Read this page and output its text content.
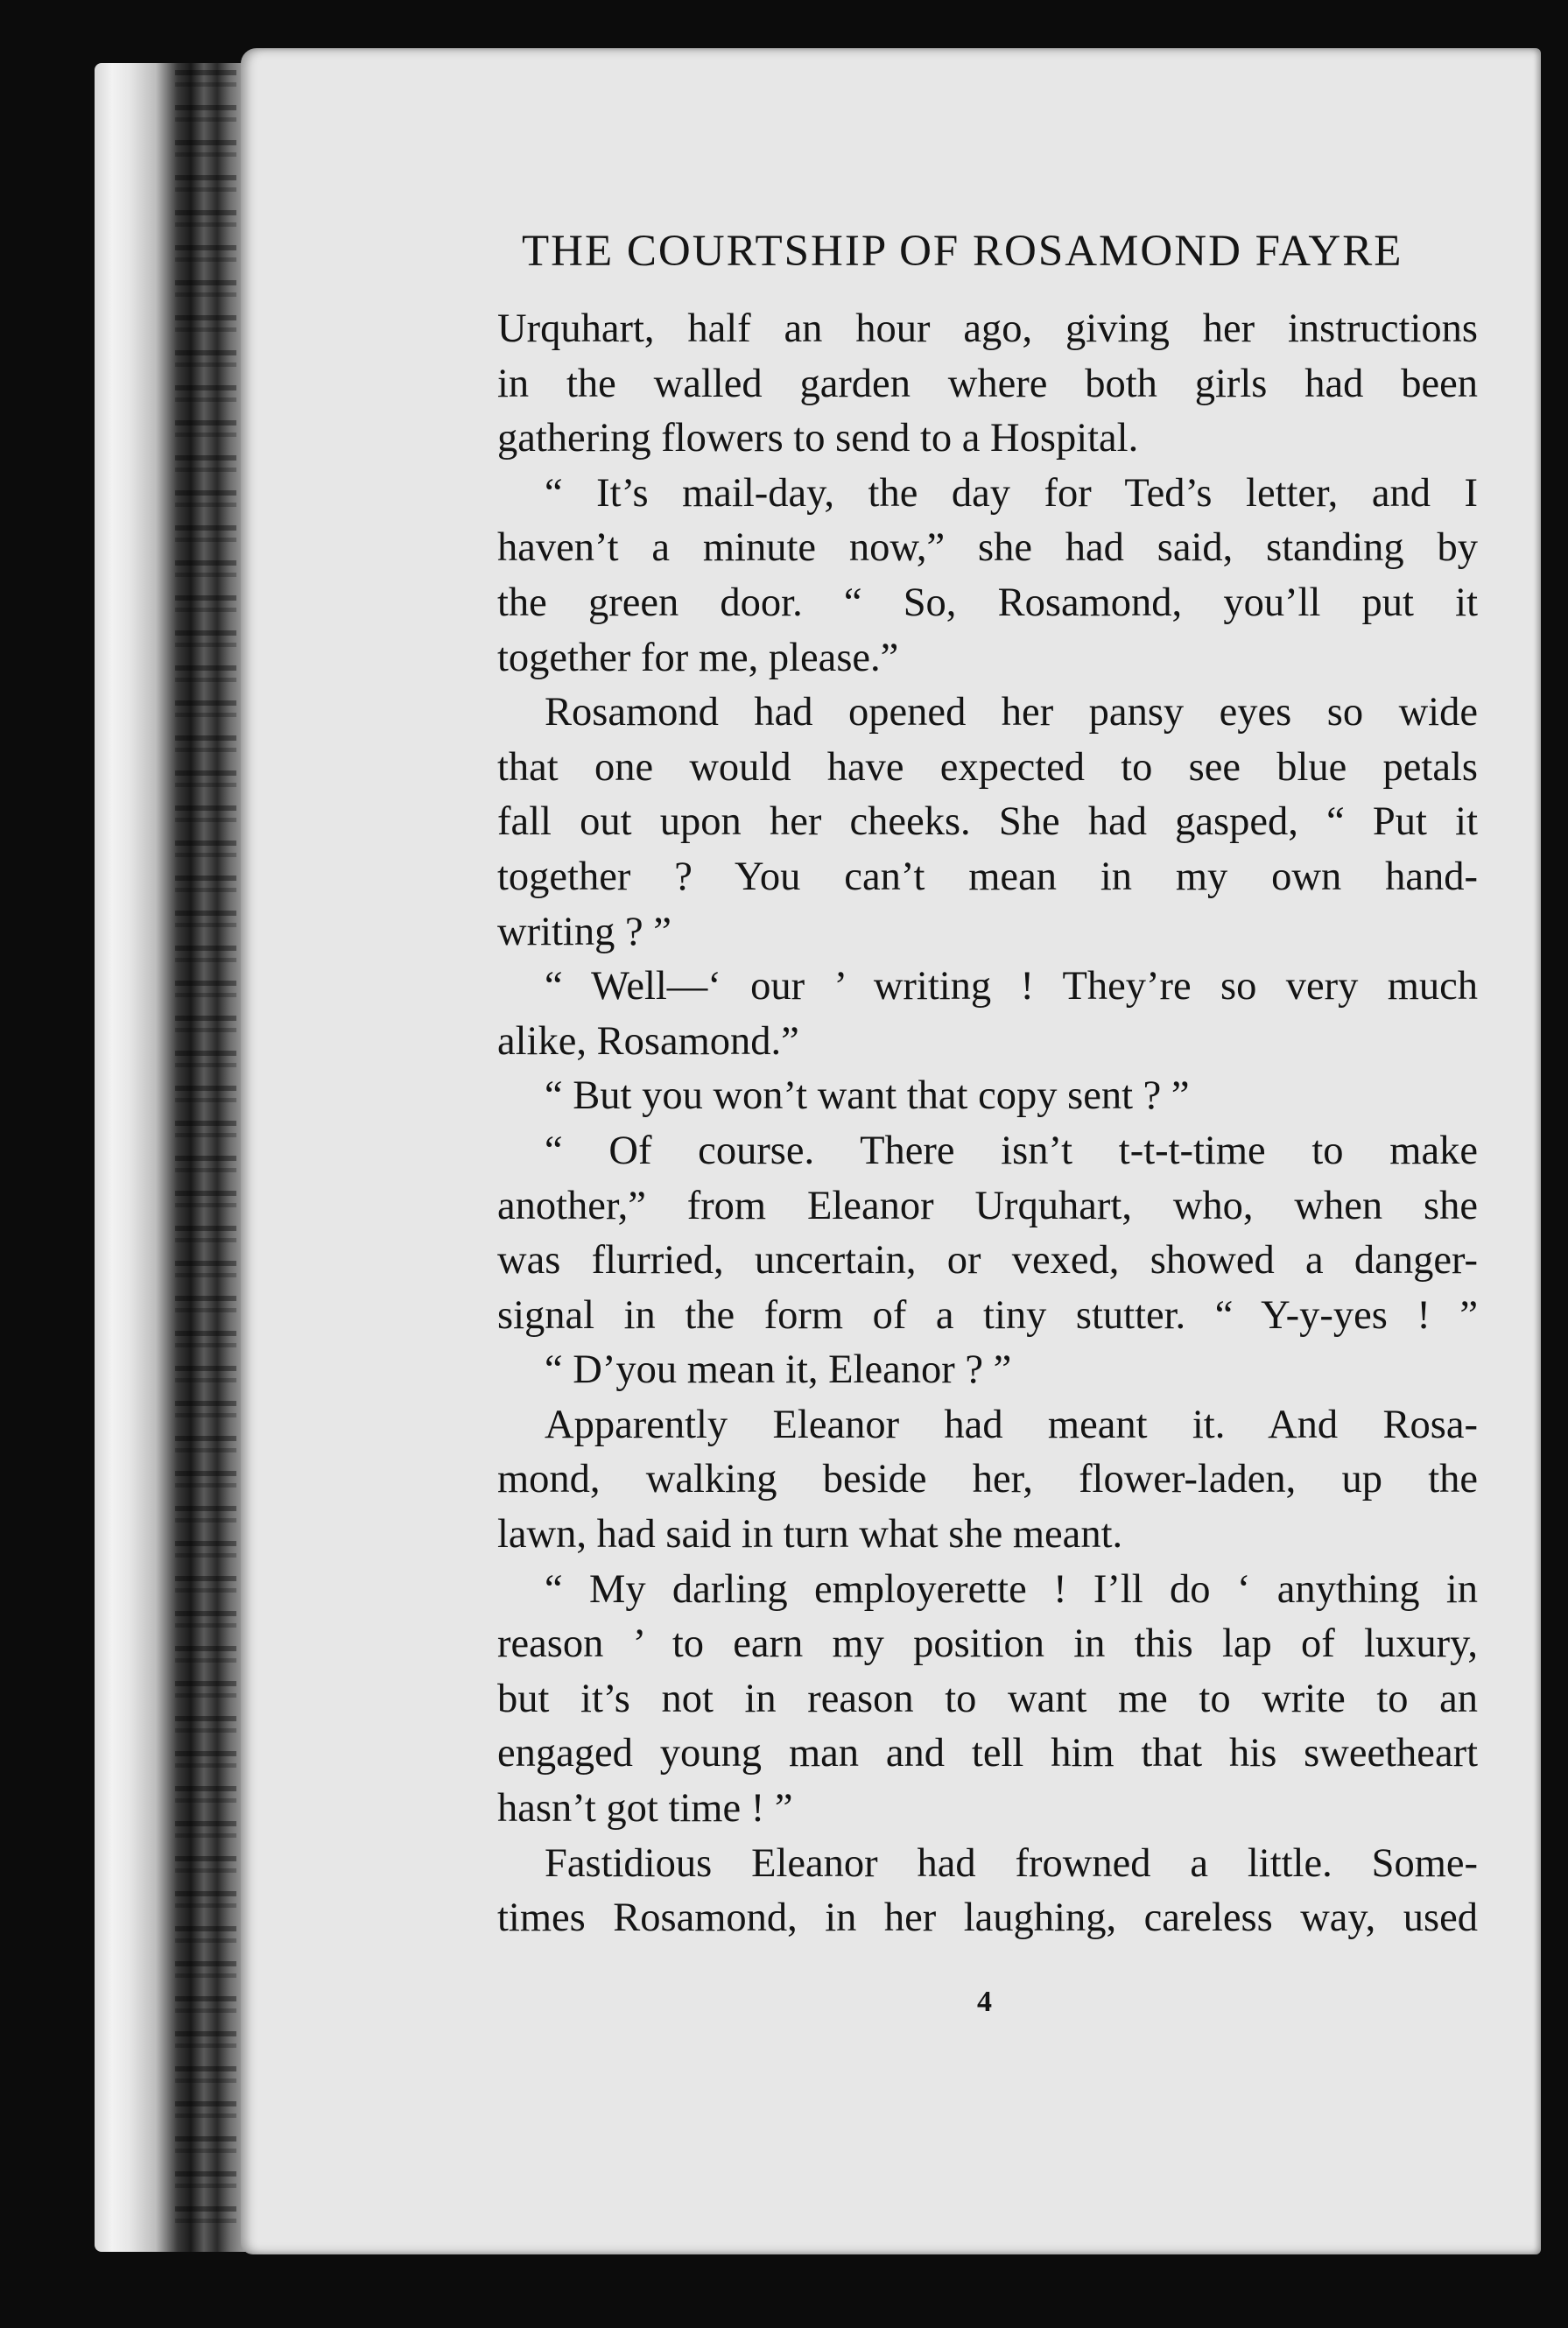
THE COURTSHIP OF ROSAMOND FAYRE
Urquhart, half an hour ago, giving her instructions
in the walled garden where both girls had been
gathering flowers to send to a Hospital.
“ It’s mail-day, the day for Ted’s letter, and I
haven’t a minute now,” she had said, standing by
the green door. “ So, Rosamond, you’ll put it
together for me, please.”
Rosamond had opened her pansy eyes so wide
that one would have expected to see blue petals
fall out upon her cheeks. She had gasped, “ Put it
together ? You can’t mean in my own hand-
writing ? ”
“ Well—‘ our ’ writing ! They’re so very much
alike, Rosamond.”
“ But you won’t want that copy sent ? ”
“ Of course. There isn’t t-t-t-time to make
another,” from Eleanor Urquhart, who, when she
was flurried, uncertain, or vexed, showed a danger-
signal in the form of a tiny stutter. “ Y-y-yes ! ”
“ D’you mean it, Eleanor ? ”
Apparently Eleanor had meant it. And Rosa-
mond, walking beside her, flower-laden, up the
lawn, had said in turn what she meant.
“ My darling employerette ! I’ll do ‘ anything in
reason ’ to earn my position in this lap of luxury,
but it’s not in reason to want me to write to an
engaged young man and tell him that his sweetheart
hasn’t got time ! ”
Fastidious Eleanor had frowned a little. Some-
times Rosamond, in her laughing, careless way, used
4
